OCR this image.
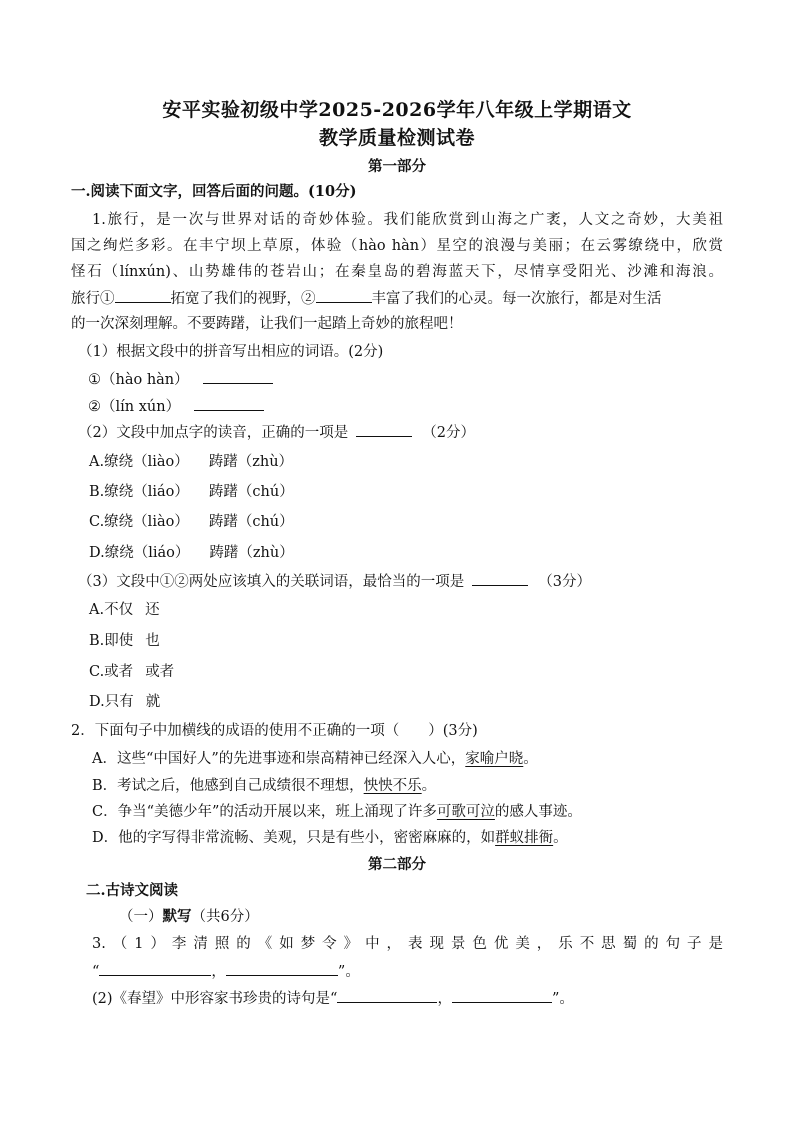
安平实验初级中学2025-2026学年八年级上学期语文
教学质量检测试卷
第一部分
一.阅读下面文字，回答后面的问题。(10分)
1.旅行，是一次与世界对话的奇妙体验。我们能欣赏到山海之广袤，人文之奇妙，大美祖
国之绚烂多彩。在丰宁坝上草原，体验（hào hàn）星空的浪漫与美丽；在云雾缭绕中，欣赏
怪石（línxún)、山势雄伟的苍岩山；在秦皇岛的碧海蓝天下，尽情享受阳光、沙滩和海浪。
旅行①	拓宽了我们的视野，②	丰富了我们的心灵。每一次旅行，都是对生活
的一次深刻理解。不要踌躇，让我们一起踏上奇妙的旅程吧！
（1）根据文段中的拼音写出相应的词语。(2分)
①（hào hàn）
②（lín xún）
（2）文段中加点字的读音，正确的一项是	（2分）
A.缭绕（liào） 踌躇（zhù）
B.缭绕（liáo） 踌躇（chú）
C.缭绕（liào） 踌躇（chú）
D.缭绕（liáo） 踌躇（zhù）
（3）文段中①②两处应该填入的关联词语，最恰当的一项是	（3分）
A.不仅 还
B.即使 也
C.或者 或者
D.只有 就
2．下面句子中加横线的成语的使用不正确的一项（　　）(3分)
A．这些“中国好人”的先进事迹和崇高精神已经深入人心，家喻户晓。
B．考试之后，他感到自己成绩很不理想，怏怏不乐。
C．争当“美德少年”的活动开展以来，班上涌现了许多可歌可泣的感人事迹。
D．他的字写得非常流畅、美观，只是有些小，密密麻麻的，如群蚁排衙。
第二部分
二.古诗文阅读
（一）默写（共6分）
3.（1）李清照的《如梦令》中，表现景色优美，乐不思蜀的句子是
“	，	”。
(2)《春望》中形容家书珍贵的诗句是“	，	”。
